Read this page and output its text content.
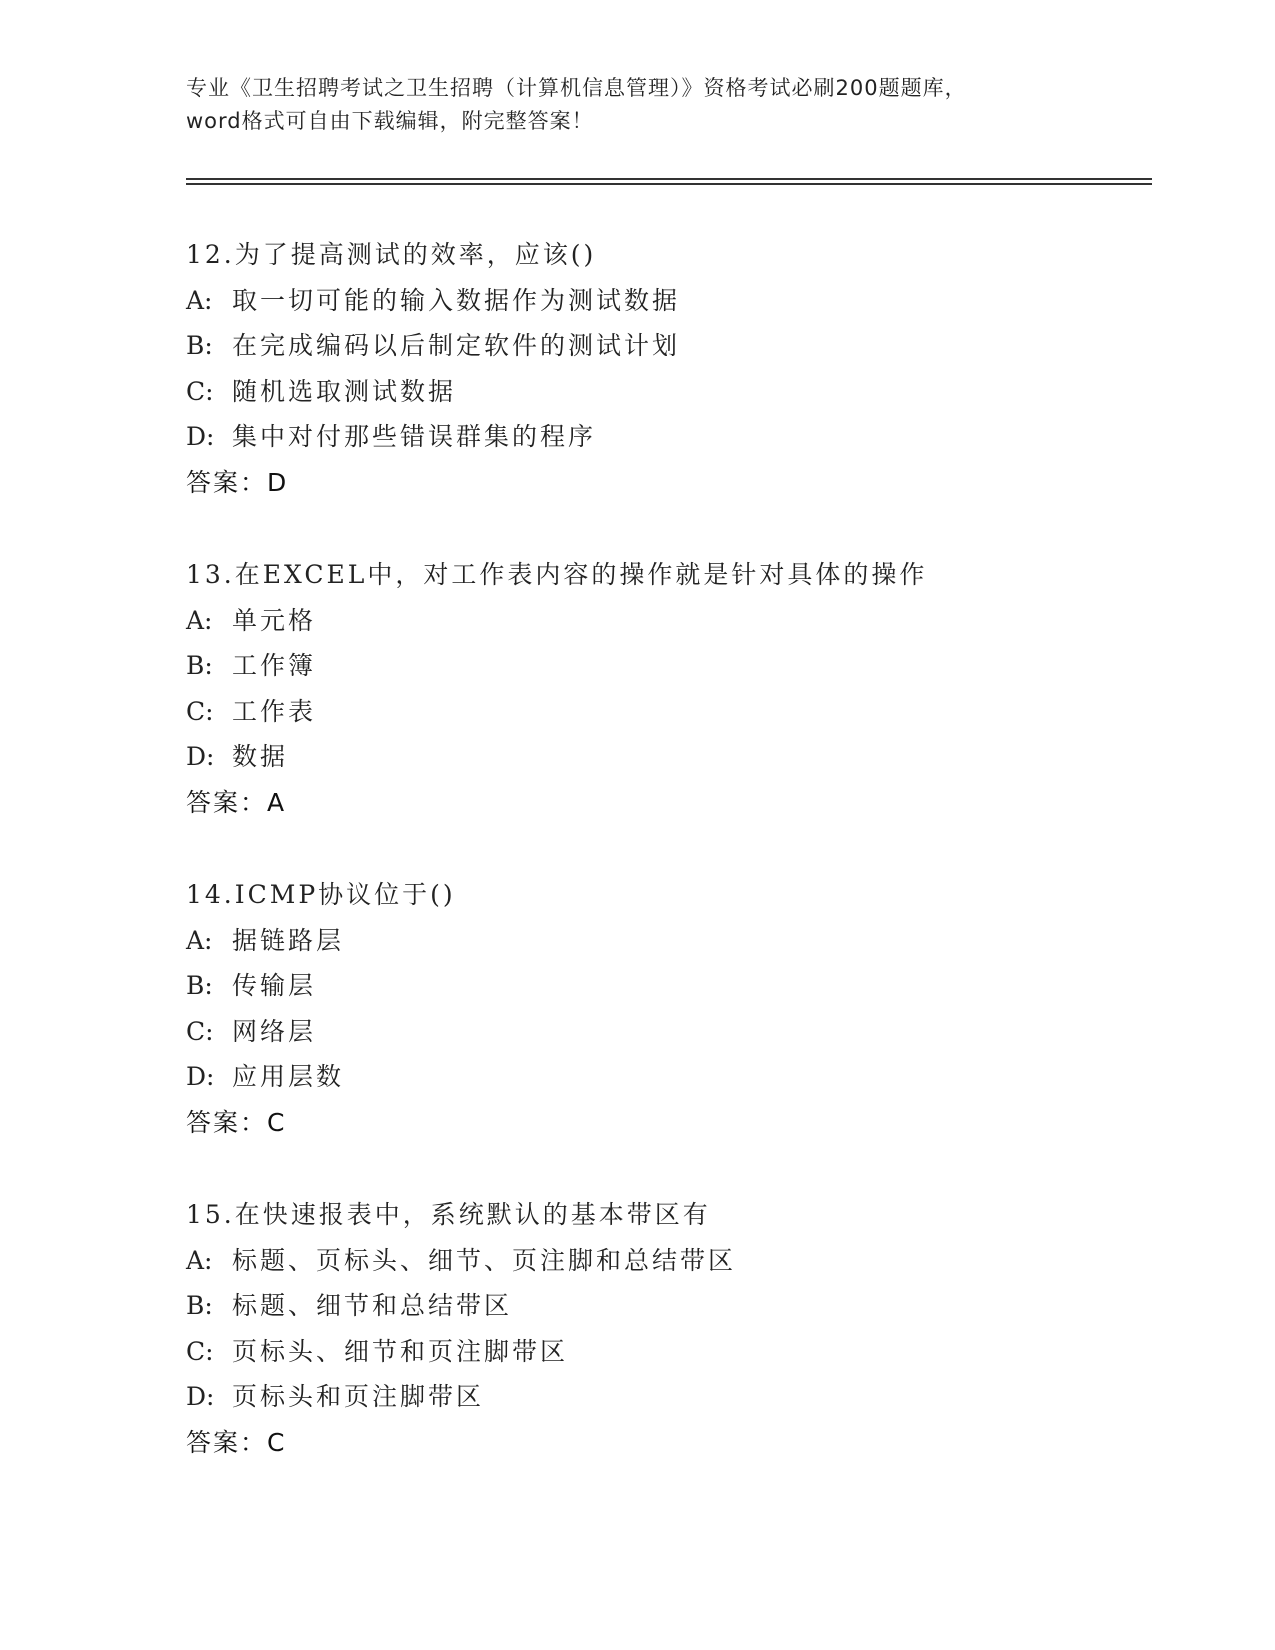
专业《卫生招聘考试之卫生招聘（计算机信息管理）》资格考试必刷200题题库，
word格式可自由下载编辑，附完整答案！
12.为了提高测试的效率，应该()
A: 取一切可能的输入数据作为测试数据
B: 在完成编码以后制定软件的测试计划
C: 随机选取测试数据
D: 集中对付那些错误群集的程序
答案：D
13.在EXCEL中，对工作表内容的操作就是针对具体的操作
A: 单元格
B: 工作簿
C: 工作表
D: 数据
答案：A
14.ICMP协议位于()
A: 据链路层
B: 传输层
C: 网络层
D: 应用层数
答案：C
15.在快速报表中，系统默认的基本带区有
A: 标题、页标头、细节、页注脚和总结带区
B: 标题、细节和总结带区
C: 页标头、细节和页注脚带区
D: 页标头和页注脚带区
答案：C
